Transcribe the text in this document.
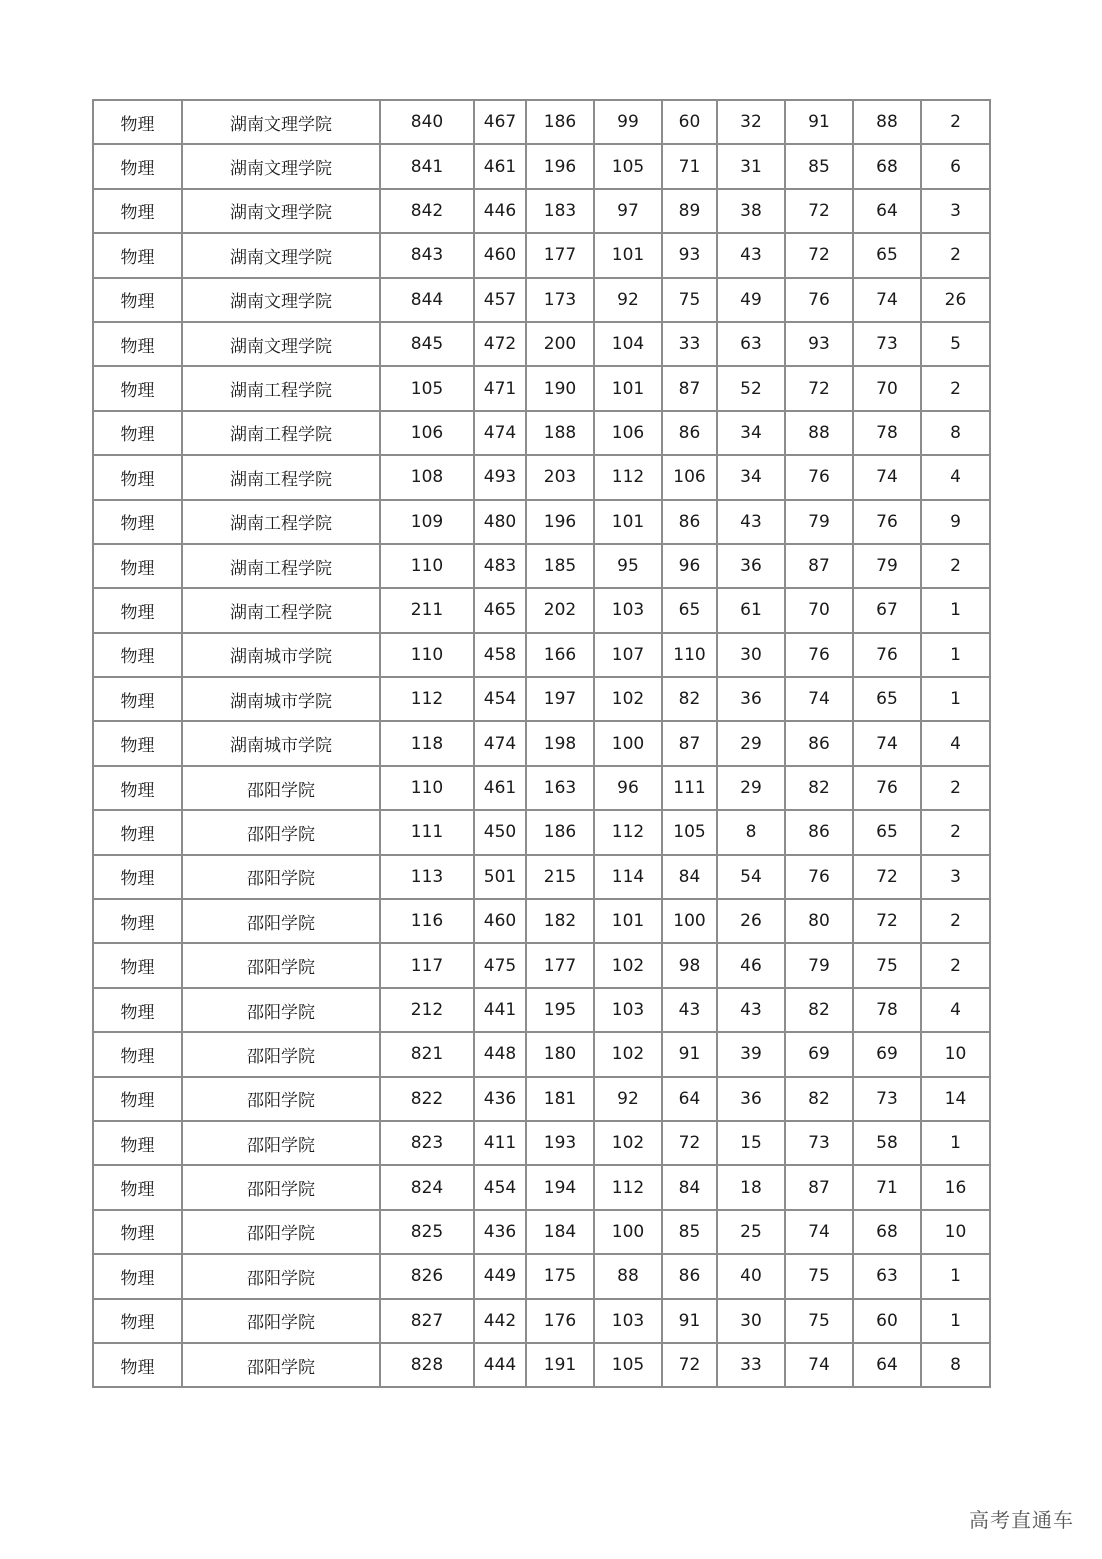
物理	湖南文理学院	840	467	186	99	60	32	91	88	2
物理	湖南文理学院	841	461	196	105	71	31	85	68	6
物理	湖南文理学院	842	446	183	97	89	38	72	64	3
物理	湖南文理学院	843	460	177	101	93	43	72	65	2
物理	湖南文理学院	844	457	173	92	75	49	76	74	26
物理	湖南文理学院	845	472	200	104	33	63	93	73	5
物理	湖南工程学院	105	471	190	101	87	52	72	70	2
物理	湖南工程学院	106	474	188	106	86	34	88	78	8
物理	湖南工程学院	108	493	203	112	106	34	76	74	4
物理	湖南工程学院	109	480	196	101	86	43	79	76	9
物理	湖南工程学院	110	483	185	95	96	36	87	79	2
物理	湖南工程学院	211	465	202	103	65	61	70	67	1
物理	湖南城市学院	110	458	166	107	110	30	76	76	1
物理	湖南城市学院	112	454	197	102	82	36	74	65	1
物理	湖南城市学院	118	474	198	100	87	29	86	74	4
物理	邵阳学院	110	461	163	96	111	29	82	76	2
物理	邵阳学院	111	450	186	112	105	8	86	65	2
物理	邵阳学院	113	501	215	114	84	54	76	72	3
物理	邵阳学院	116	460	182	101	100	26	80	72	2
物理	邵阳学院	117	475	177	102	98	46	79	75	2
物理	邵阳学院	212	441	195	103	43	43	82	78	4
物理	邵阳学院	821	448	180	102	91	39	69	69	10
物理	邵阳学院	822	436	181	92	64	36	82	73	14
物理	邵阳学院	823	411	193	102	72	15	73	58	1
物理	邵阳学院	824	454	194	112	84	18	87	71	16
物理	邵阳学院	825	436	184	100	85	25	74	68	10
物理	邵阳学院	826	449	175	88	86	40	75	63	1
物理	邵阳学院	827	442	176	103	91	30	75	60	1
物理	邵阳学院	828	444	191	105	72	33	74	64	8
高考直通车
